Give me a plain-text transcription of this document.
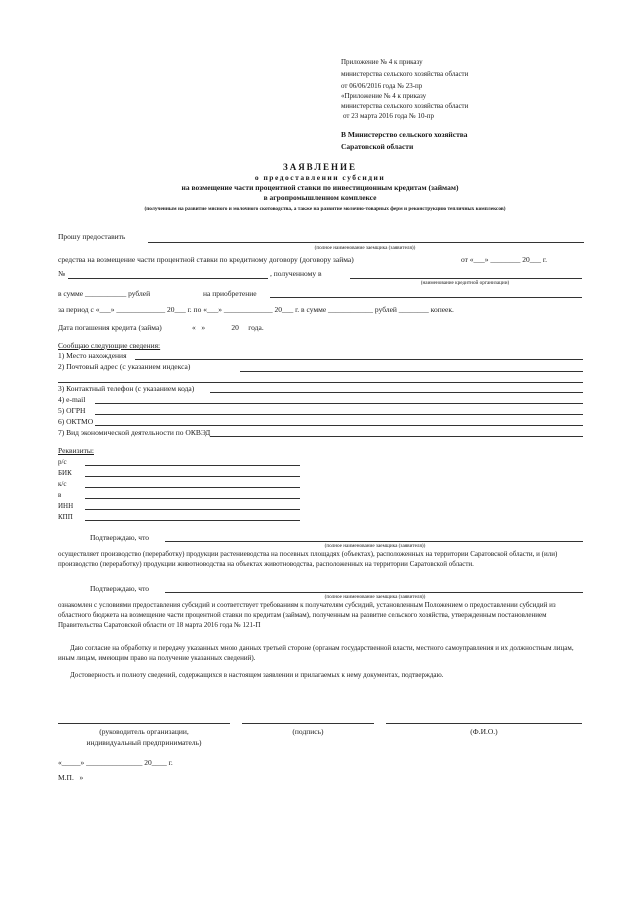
Приложение № 4 к приказу
министерства сельского хозяйства области
от 06/06/2016 года № 23-пр
«Приложение № 4 к приказу
министерства сельского хозяйства области
от 23 марта 2016 года № 10-пр
В Министерство сельского хозяйства
Саратовской области
ЗАЯВЛЕНИЕ
о предоставлении субсидии
на возмещение части процентной ставки по инвестиционным кредитам (займам)
в агропромышленном комплексе
(полученным на развитие мясного и молочного скотоводства, а также на развитие молочно-товарных ферм и реконструкцию тепличных комплексов)
Прошу предоставить
(полное наименование заемщика (заявителя))
средства на возмещение части процентной ставки по кредитному договору (договору займа)	от «___» ________ 20___ г.
№	, полученному в
(наименование кредитной организации)
в сумме ___________ рублей	на приобретение
за период с «___» _____________ 20___ г. по «___» _____________ 20___ г. в сумме ____________ рублей ________ копеек.
Дата погашения кредита (займа)	«   »              20     года.
Сообщаю следующие сведения:
1) Место нахождения
2) Почтовый адрес (с указанием индекса)
3) Контактный телефон (с указанием кода)
4) e-mail
5) ОГРН
6) ОКТМО
7) Вид экономической деятельности по ОКВЭД
Реквизиты:
р/с
БИК
к/с
в
ИНН
КПП
Подтверждаю, что
(полное наименование заемщика (заявителя))
осуществляет производство (переработку) продукции растениеводства на посевных площадях (объектах), расположенных на территории Саратовской области, и (или) производство (переработку) продукции животноводства на объектах животноводства, расположенных на территории Саратовской области.
Подтверждаю, что
(полное наименование заемщика (заявителя))
ознакомлен с условиями предоставления субсидий и соответствует требованиям к получателям субсидий, установленным Положением о предоставлении субсидий из областного бюджета на возмещение части процентной ставки по кредитам (займам), полученным на развитие сельского хозяйства, утвержденным постановлением Правительства Саратовской области от 18 марта 2016 года № 121-П
Даю согласие на обработку и передачу указанных мною данных третьей стороне (органам государственной власти, местного самоуправления и их должностным лицам, иным лицам, имеющим право на получение указанных сведений).
Достоверность и полноту сведений, содержащихся в настоящем заявлении и прилагаемых к нему документах, подтверждаю.
(руководитель организации,
индивидуальный предприниматель)
(подпись)	(Ф.И.О.)
«_____» _______________ 20____ г.
М.П.   »
